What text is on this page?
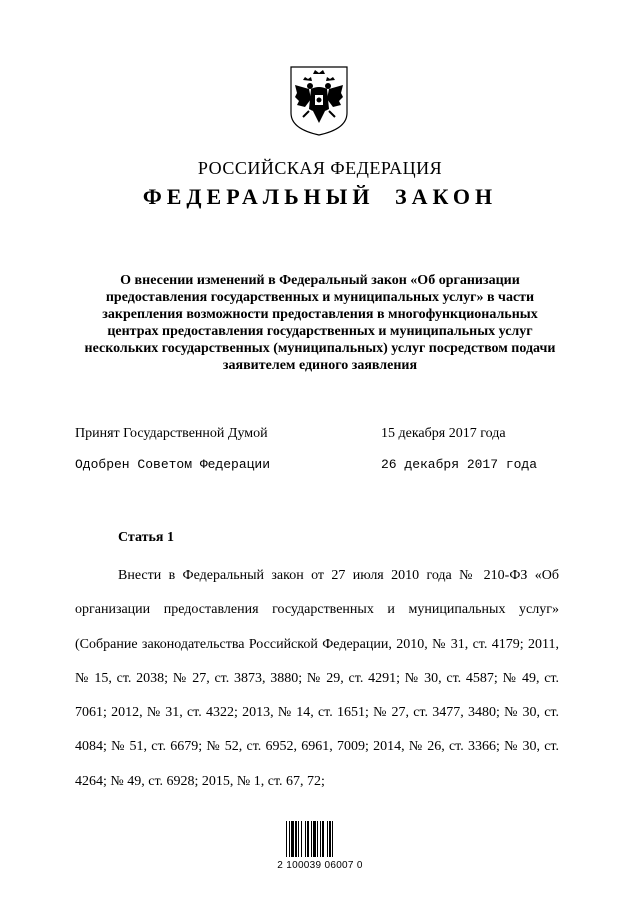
РОССИЙСКАЯ ФЕДЕРАЦИЯ
ФЕДЕРАЛЬНЫЙ ЗАКОН
О внесении изменений в Федеральный закон «Об организации предоставления государственных и муниципальных услуг» в части закрепления возможности предоставления в многофункциональных центрах предоставления государственных и муниципальных услуг нескольких государственных (муниципальных) услуг посредством подачи заявителем единого заявления
Принят Государственной Думой	15 декабря 2017 года
Одобрен Советом Федерации	26 декабря 2017 года
Статья 1
Внести в Федеральный закон от 27 июля 2010 года № 210-ФЗ «Об организации предоставления государственных и муниципальных услуг» (Собрание законодательства Российской Федерации, 2010, № 31, ст. 4179; 2011, № 15, ст. 2038; № 27, ст. 3873, 3880; № 29, ст. 4291; № 30, ст. 4587; № 49, ст. 7061; 2012, № 31, ст. 4322; 2013, № 14, ст. 1651; № 27, ст. 3477, 3480; № 30, ст. 4084; № 51, ст. 6679; № 52, ст. 6952, 6961, 7009; 2014, № 26, ст. 3366; № 30, ст. 4264; № 49, ст. 6928; 2015, № 1, ст. 67, 72;
2 100039 06007 0
